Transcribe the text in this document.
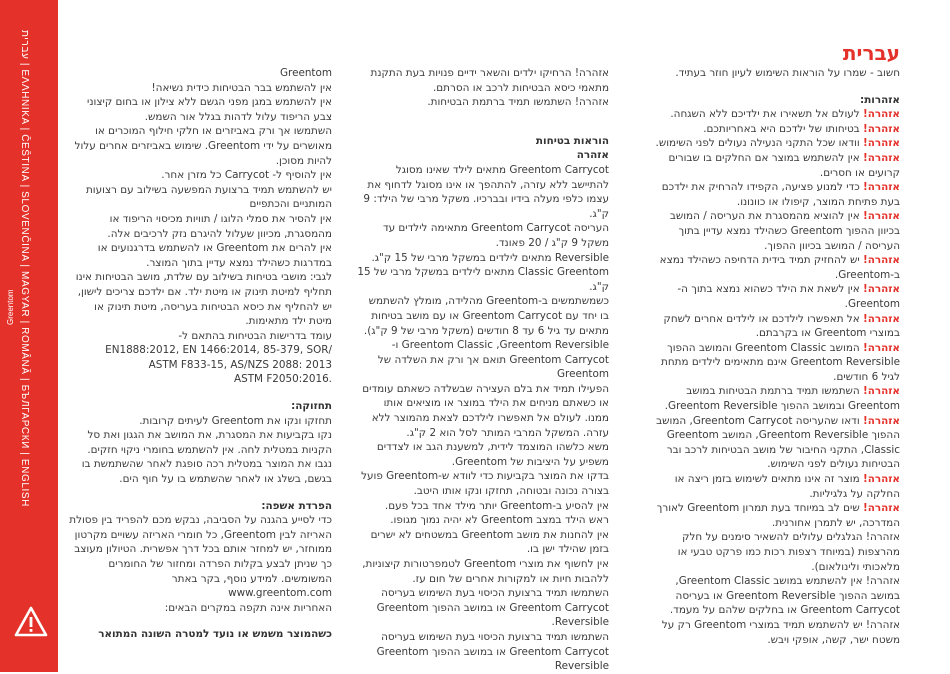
עברית | ΕΛΛΗΝΙΚΑ | ČEŠTINA | SLOVENČINA | MAGYAR | ROMÂNĂ | БЪЛГАРСКИ | ENGLISH
Greentom

עברית

חשוב - שמרו על הוראות השימוש לעיון חוזר בעתיד.

אזהרות:

אזהרה! לעולם אל תשאירו את ילדיכם ללא השגחה.

אזהרה! בטיחותו של ילדכם היא באחריותכם.

אזהרה! וודאו שכל התקני הנעילה נעולים לפני השימוש.

אזהרה! אין להשתמש במוצר אם החלקים בו שבורים קרועים או חסרים.

אזהרה! כדי למנוע פציעה, הקפידו להרחיק את ילדכם בעת פתיחת המוצר, קיפולו או כוונונו.

אזהרה! אין להוציא מהמסגרת את העריסה / המושב בכיוון ההפוך Greentom כשהילד נמצא עדיין בתוך העריסה / המושב בכיוון ההפוך.

אזהרה! יש להחזיק תמיד בידית הדחיפה כשהילד נמצא ב-Greentom.

אזהרה! אין לשאת את הילד כשהוא נמצא בתוך ה-Greentom.

אזהרה! אל תאפשרו לילדכם או לילדים אחרים לשחק במוצרי Greentom או בקרבתם.

אזהרה! המושב Greentom Classic והמושב ההפוך Greentom Reversible אינם מתאימים לילדים מתחת לגיל 6 חודשים.

אזהרה! השתמשו תמיד ברתמת הבטיחות במושב Greentom ובמושב ההפוך Greentom Reversible.

אזהרה! ודאו שהעריסה Greentom Carrycot, המושב ההפוך Greentom Reversible, המושב Greentom Classic, התקני החיבור של מושב הבטיחות לרכב ובר הבטיחות נעולים לפני השימוש.

אזהרה! מוצר זה אינו מתאים לשימוש בזמן ריצה או החלקה על גלגיליות.

אזהרה! שים לב במיוחד בעת תמרון Greentom לאורך המדרכה, יש לתמרן אחורנית.

אזהרה! הגלגלים עלולים להשאיר סימנים על חלק מהרצפות (במיוחד רצפות רכות כמו פרקט טבעי או מלאכותי ולינולאום).

אזהרה! אין להשתמש במושב Greentom Classic, במושב ההפוך Greentom Reversible או בעריסה Greentom Carrycot או בחלקים שלהם על מעמד.

אזהרה! יש להשתמש תמיד במוצרי Greentom רק על משטח ישר, קשה, אופקי ויבש.

אזהרה! הרחיקו ילדים והשאר ידיים פנויות בעת התקנת מתאמי כיסא הבטיחות לרכב או הסרתם.

אזהרה! השתמשו תמיד ברתמת הבטיחות.

הוראות בטיחות

אזהרה

Greentom Carrycot מתאים לילד שאינו מסוגל להתיישב ללא עזרה, להתהפך או אינו מסוגל לדחוף את עצמו כלפי מעלה בידיו ובברכיו. משקל מרבי של הילד: 9 ק"ג.

העריסה Greentom Carrycot מתאימה לילדים עד משקל 9 ק"ג / 20 פאונד.

Reversible מתאים לילדים במשקל מרבי של 15 ק"ג. Classic Greentom מתאים לילדים במשקל מרבי של 15 ק"ג.

כשמשתמשים ב-Greentom מהלידה, מומלץ להשתמש בו יחד עם Greentom Carrycot או עם מושב בטיחות מתאים עד גיל 6 עד 8 חודשים (משקל מרבי של 9 ק"ג). Greentom Classic ,Greentom Reversible ו-Greentom Carrycot תואם אך ורק את השלדה של Greentom

הפעילו תמיד את בלם העצירה שבשלדה כשאתם עומדים או כשאתם מניחים את הילד במוצר או מוציאים אותו ממנו. לעולם אל תאפשרו לילדכם לצאת מהמוצר ללא עזרה. המשקל המרבי המותר לסל הוא 2 ק"ג.

משא כלשהו המוצמד לידית, למשענת הגב או לצדדים משפיע על היציבות של Greentom.

בדקו את המוצר בקביעות כדי לוודא ש-Greentom פועל בצורה נכונה ובטוחה, תחזקו ונקו אותו היטב.

אין להסיע ב-Greentom יותר מילד אחד בכל פעם.

ראש הילד במצב Greentom לא יהיה נמוך מגופו.

אין להחנות את מושב Greentom במשטחים לא ישרים בזמן שהילד ישן בו.

אין לחשוף את מוצרי Greentom לטמפרטורות קיצוניות, ללהבות חיות או למקורות אחרים של חום עז.

השתמשו תמיד ברצועת הכיסוי בעת השימוש בעריסה Greentom Carrycot או במושב ההפוך Greentom Reversible.

השתמשו תמיד ברצועת הכיסוי בעת השימוש בעריסה Greentom Carrycot או במושב ההפוך Greentom Reversible

Greentom

אין להשתמש בבר הבטיחות כידית נשיאה!

אין להשתמש במגן מפני הגשם ללא צילון או בחום קיצוני צבע הריפוד עלול לדהות בגלל אור השמש.

השתמשו אך ורק באביזרים או חלקי חילוף המוכרים או מאושרים על ידי Greentom. שימוש באביזרים אחרים עלול להיות מסוכן.

אין להוסיף ל- Carrycot כל מזרן אחר.

יש להשתמש תמיד ברצועת המפשעה בשילוב עם רצועות המותניים והכתפיים

אין להסיר את סמלי הלוגו / תוויות מכיסוי הריפוד או מהמסגרת, מכיוון שעלול להיגרם נזק לרכיבים אלה.

אין להרים את Greentom או להשתמש בדרגנועים או במדרגות כשהילד נמצא עדיין בתוך המוצר.

לגבי: מושבי בטיחות בשילוב עם שלדת, מושב הבטיחות אינו תחליף למיטת תינוק או מיטת ילד. אם ילדכם צריכים לישון, יש להחליף את כיסא הבטיחות בעריסה, מיטת תינוק או מיטת ילד מתאימות.

עומד בדרישות הבטיחות בהתאם ל-

EN1888:2012, EN 1466:2014, 85-379, SOR/

ASTM F833-15, AS/NZS 2088: 2013

ASTM F2050:2016.

תחזוקה:

תחזקו ונקו את Greentom לעיתים קרובות.

נקו בקביעות את המסגרת, את המושב את הגגון ואת סל הקניות במטלית לחה. אין להשתמש בחומרי ניקוי חזקים.

נגבו את המוצר במטלית רכה סופגת לאחר שהשתמשת בו בגשם, בשלג או לאחר שהשתמש בו על חוף הים.

הפרדת אשפה:

כדי לסייע בהגנה על הסביבה, נבקש מכם להפריד בין פסולת האריזה לבין Greentom, כל חומרי האריזה עשויים מקרטון ממוחזר, יש למחזר אותם בכל דרך אפשרית. הטיולון מעוצב כך שניתן לבצע בקלות הפרדה ומחזור של החומרים המשומשים. למידע נוסף, בקר באתר www.greentom.com

האחריות אינה תקפה במקרים הבאים:

כשהמוצר משמש או נועד למטרה השונה המתואר
